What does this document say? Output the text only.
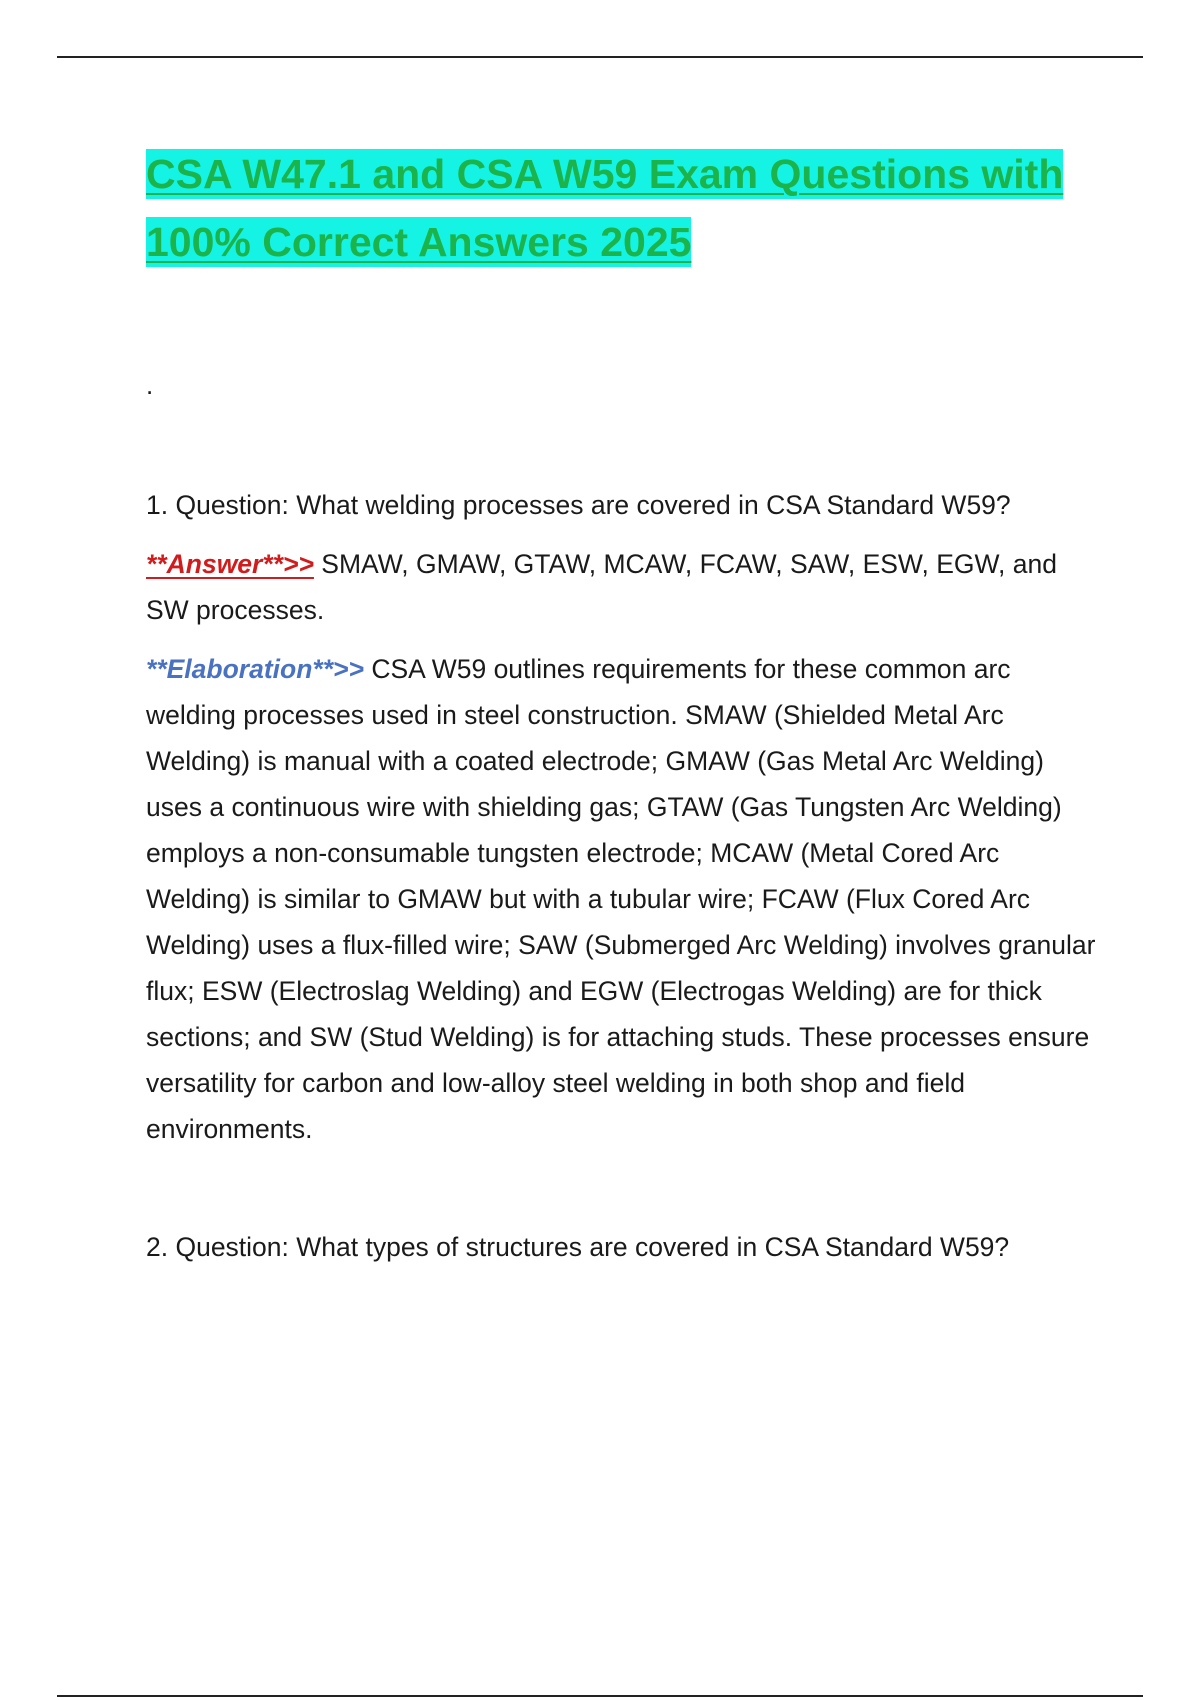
CSA W47.1 and CSA W59 Exam Questions with 100% Correct Answers 2025
.

1. Question: What welding processes are covered in CSA Standard W59?

**Answer**>> SMAW, GMAW, GTAW, MCAW, FCAW, SAW, ESW, EGW, and SW processes.

**Elaboration**>> CSA W59 outlines requirements for these common arc welding processes used in steel construction. SMAW (Shielded Metal Arc Welding) is manual with a coated electrode; GMAW (Gas Metal Arc Welding) uses a continuous wire with shielding gas; GTAW (Gas Tungsten Arc Welding) employs a non-consumable tungsten electrode; MCAW (Metal Cored Arc Welding) is similar to GMAW but with a tubular wire; FCAW (Flux Cored Arc Welding) uses a flux-filled wire; SAW (Submerged Arc Welding) involves granular flux; ESW (Electroslag Welding) and EGW (Electrogas Welding) are for thick sections; and SW (Stud Welding) is for attaching studs. These processes ensure versatility for carbon and low-alloy steel welding in both shop and field environments.

2. Question: What types of structures are covered in CSA Standard W59?
